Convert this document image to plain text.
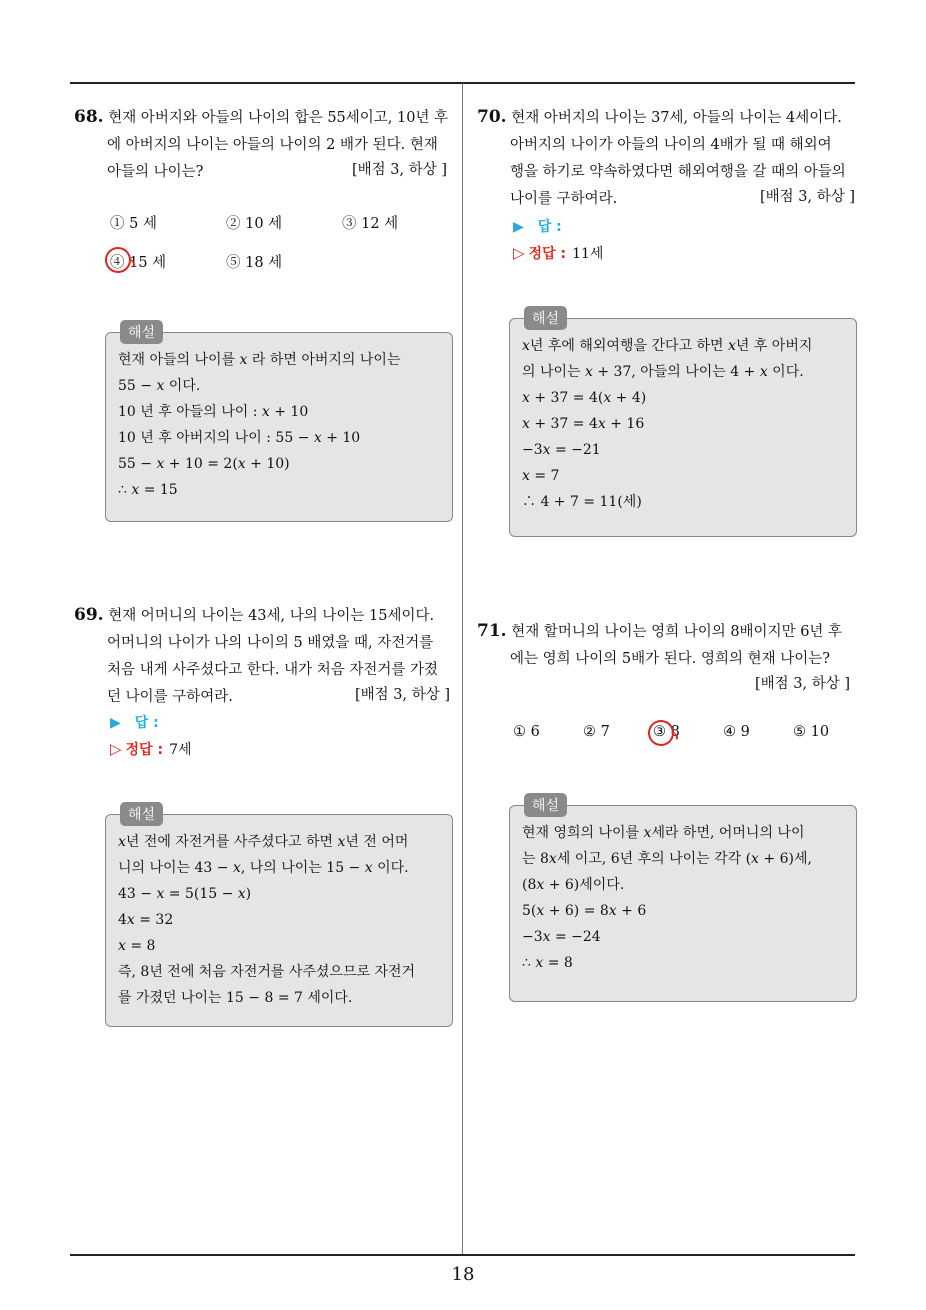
68. 현재 아버지와 아들의 나이의 합은 55세이고, 10년 후
에 아버지의 나이는 아들의 나이의 2 배가 된다. 현재
아들의 나이는?	[배점 3, 하상 ]
① 5 세	② 10 세	③ 12 세
④ 15 세	⑤ 18 세
해설
현재 아들의 나이를 𝑥 라 하면 아버지의 나이는
55 − 𝑥 이다.
10 년 후 아들의 나이 : 𝑥 + 10
10 년 후 아버지의 나이 : 55 − 𝑥 + 10
55 − 𝑥 + 10 = 2(𝑥 + 10)
∴ 𝑥 = 15
69. 현재 어머니의 나이는 43세, 나의 나이는 15세이다.
어머니의 나이가 나의 나이의 5 배였을 때, 자전거를
처음 내게 사주셨다고 한다. 내가 처음 자전거를 가졌
던 나이를 구하여라.	[배점 3, 하상 ]
▶ 답 :
▷ 정답 : 7세
해설
𝑥년 전에 자전거를 사주셨다고 하면 𝑥년 전 어머
니의 나이는 43 − 𝑥, 나의 나이는 15 − 𝑥 이다.
43 − 𝑥 = 5(15 − 𝑥)
4𝑥 = 32
𝑥 = 8
즉, 8년 전에 처음 자전거를 사주셨으므로 자전거
를 가졌던 나이는 15 − 8 = 7 세이다.
70. 현재 아버지의 나이는 37세, 아들의 나이는 4세이다.
아버지의 나이가 아들의 나이의 4배가 될 때 해외여
행을 하기로 약속하였다면 해외여행을 갈 때의 아들의
나이를 구하여라.	[배점 3, 하상 ]
▶ 답 :
▷ 정답 : 11세
해설
𝑥년 후에 해외여행을 간다고 하면 𝑥년 후 아버지
의 나이는 𝑥 + 37, 아들의 나이는 4 + 𝑥 이다.
𝑥 + 37 = 4(𝑥 + 4)
𝑥 + 37 = 4𝑥 + 16
−3𝑥 = −21
𝑥 = 7
∴ 4 + 7 = 11(세)
71. 현재 할머니의 나이는 영희 나이의 8배이지만 6년 후
에는 영희 나이의 5배가 된다. 영희의 현재 나이는?
[배점 3, 하상 ]
① 6	② 7	③ 8	④ 9	⑤ 10
해설
현재 영희의 나이를 𝑥세라 하면, 어머니의 나이
는 8𝑥세 이고, 6년 후의 나이는 각각 (𝑥 + 6)세,
(8𝑥 + 6)세이다.
5(𝑥 + 6) = 8𝑥 + 6
−3𝑥 = −24
∴ 𝑥 = 8
18
